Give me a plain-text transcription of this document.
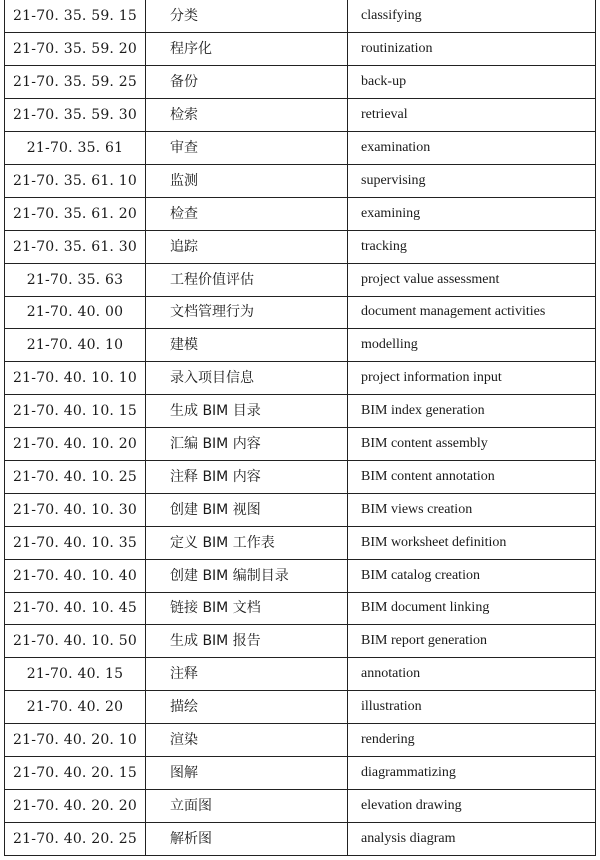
21-70. 35. 59. 15	分类	classifying
21-70. 35. 59. 20	程序化	routinization
21-70. 35. 59. 25	备份	back-up
21-70. 35. 59. 30	检索	retrieval
21-70. 35. 61	审查	examination
21-70. 35. 61. 10	监测	supervising
21-70. 35. 61. 20	检查	examining
21-70. 35. 61. 30	追踪	tracking
21-70. 35. 63	工程价值评估	project value assessment
21-70. 40. 00	文档管理行为	document management activities
21-70. 40. 10	建模	modelling
21-70. 40. 10. 10	录入项目信息	project information input
21-70. 40. 10. 15	生成 BIM 目录	BIM index generation
21-70. 40. 10. 20	汇编 BIM 内容	BIM content assembly
21-70. 40. 10. 25	注释 BIM 内容	BIM content annotation
21-70. 40. 10. 30	创建 BIM 视图	BIM views creation
21-70. 40. 10. 35	定义 BIM 工作表	BIM worksheet definition
21-70. 40. 10. 40	创建 BIM 编制目录	BIM catalog creation
21-70. 40. 10. 45	链接 BIM 文档	BIM document linking
21-70. 40. 10. 50	生成 BIM 报告	BIM report generation
21-70. 40. 15	注释	annotation
21-70. 40. 20	描绘	illustration
21-70. 40. 20. 10	渲染	rendering
21-70. 40. 20. 15	图解	diagrammatizing
21-70. 40. 20. 20	立面图	elevation drawing
21-70. 40. 20. 25	解析图	analysis diagram
